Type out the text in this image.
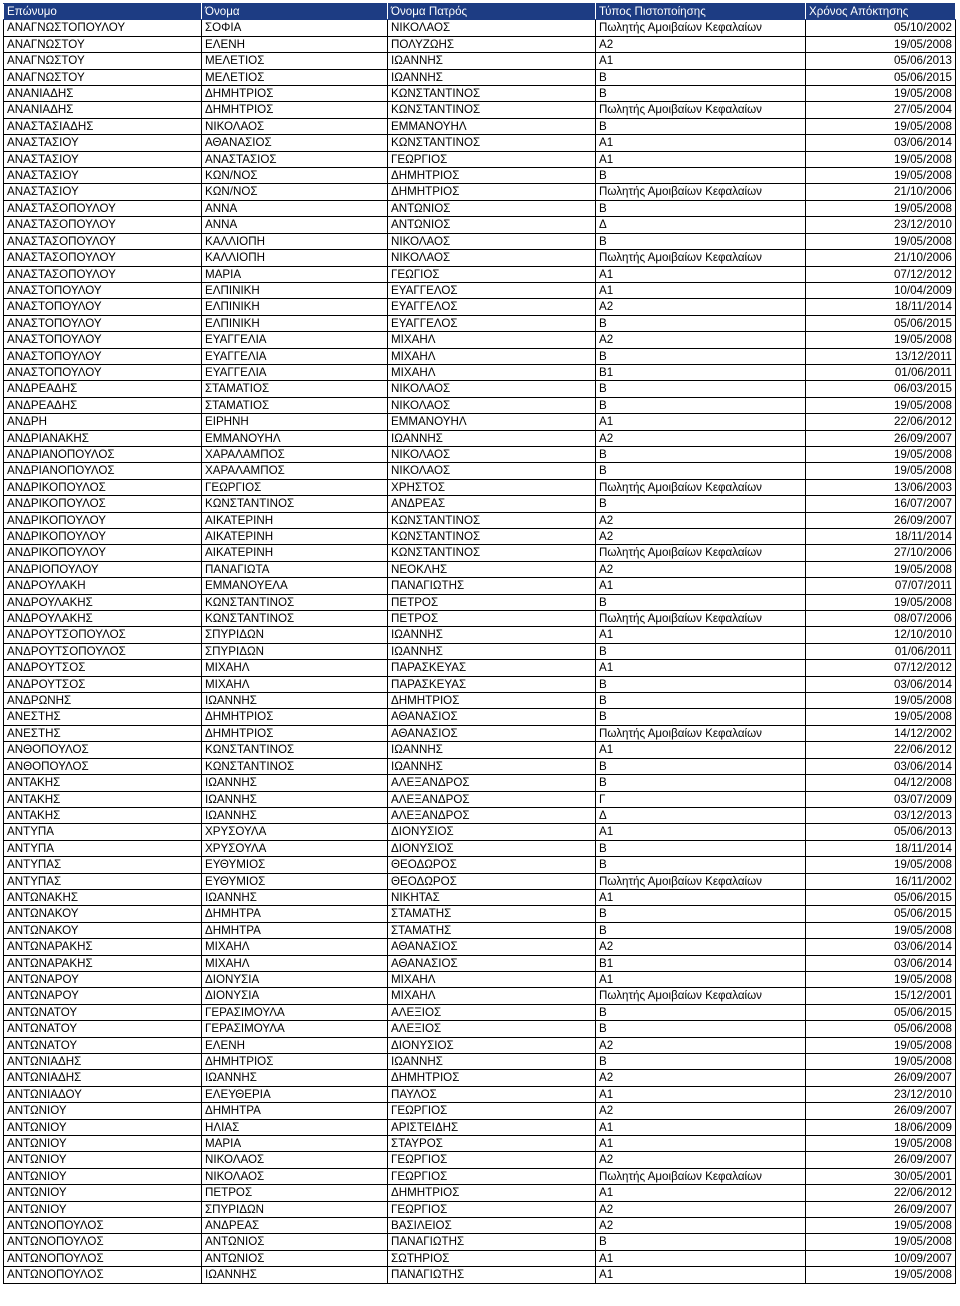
Επώνυμο	Όνομα	Όνομα Πατρός	Τύπος Πιστοποίησης	Χρόνος Απόκτησης
ΑΝΑΓΝΩΣΤΟΠΟΥΛΟΥ	ΣΟΦΙΑ	ΝΙΚΟΛΑΟΣ	Πωλητής Αμοιβαίων Κεφαλαίων	05/10/2002
ΑΝΑΓΝΩΣΤΟΥ	ΕΛΕΝΗ	ΠΟΛΥΖΩΗΣ	Α2	19/05/2008
ΑΝΑΓΝΩΣΤΟΥ	ΜΕΛΕΤΙΟΣ	ΙΩΑΝΝΗΣ	Α1	05/06/2013
ΑΝΑΓΝΩΣΤΟΥ	ΜΕΛΕΤΙΟΣ	ΙΩΑΝΝΗΣ	Β	05/06/2015
ΑΝΑΝΙΑΔΗΣ	ΔΗΜΗΤΡΙΟΣ	ΚΩΝΣΤΑΝΤΙΝΟΣ	Β	19/05/2008
ΑΝΑΝΙΑΔΗΣ	ΔΗΜΗΤΡΙΟΣ	ΚΩΝΣΤΑΝΤΙΝΟΣ	Πωλητής Αμοιβαίων Κεφαλαίων	27/05/2004
ΑΝΑΣΤΑΣΙΑΔΗΣ	ΝΙΚΟΛΑΟΣ	ΕΜΜΑΝΟΥΗΛ	Β	19/05/2008
ΑΝΑΣΤΑΣΙΟΥ	ΑΘΑΝΑΣΙΟΣ	ΚΩΝΣΤΑΝΤΙΝΟΣ	Α1	03/06/2014
ΑΝΑΣΤΑΣΙΟΥ	ΑΝΑΣΤΑΣΙΟΣ	ΓΕΩΡΓΙΟΣ	Α1	19/05/2008
ΑΝΑΣΤΑΣΙΟΥ	ΚΩΝ/ΝΟΣ	ΔΗΜΗΤΡΙΟΣ	Β	19/05/2008
ΑΝΑΣΤΑΣΙΟΥ	ΚΩΝ/ΝΟΣ	ΔΗΜΗΤΡΙΟΣ	Πωλητής Αμοιβαίων Κεφαλαίων	21/10/2006
ΑΝΑΣΤΑΣΟΠΟΥΛΟΥ	ΑΝΝΑ	ΑΝΤΩΝΙΟΣ	Β	19/05/2008
ΑΝΑΣΤΑΣΟΠΟΥΛΟΥ	ΑΝΝΑ	ΑΝΤΩΝΙΟΣ	Δ	23/12/2010
ΑΝΑΣΤΑΣΟΠΟΥΛΟΥ	ΚΑΛΛΙΟΠΗ	ΝΙΚΟΛΑΟΣ	Β	19/05/2008
ΑΝΑΣΤΑΣΟΠΟΥΛΟΥ	ΚΑΛΛΙΟΠΗ	ΝΙΚΟΛΑΟΣ	Πωλητής Αμοιβαίων Κεφαλαίων	21/10/2006
ΑΝΑΣΤΑΣΟΠΟΥΛΟΥ	ΜΑΡΙΑ	ΓΕΩΓΙΟΣ	Α1	07/12/2012
ΑΝΑΣΤΟΠΟΥΛΟΥ	ΕΛΠΙΝΙΚΗ	ΕΥΑΓΓΕΛΟΣ	Α1	10/04/2009
ΑΝΑΣΤΟΠΟΥΛΟΥ	ΕΛΠΙΝΙΚΗ	ΕΥΑΓΓΕΛΟΣ	Α2	18/11/2014
ΑΝΑΣΤΟΠΟΥΛΟΥ	ΕΛΠΙΝΙΚΗ	ΕΥΑΓΓΕΛΟΣ	Β	05/06/2015
ΑΝΑΣΤΟΠΟΥΛΟΥ	ΕΥΑΓΓΕΛΙΑ	ΜΙΧΑΗΛ	Α2	19/05/2008
ΑΝΑΣΤΟΠΟΥΛΟΥ	ΕΥΑΓΓΕΛΙΑ	ΜΙΧΑΗΛ	Β	13/12/2011
ΑΝΑΣΤΟΠΟΥΛΟΥ	ΕΥΑΓΓΕΛΙΑ	ΜΙΧΑΗΛ	Β1	01/06/2011
ΑΝΔΡΕΑΔΗΣ	ΣΤΑΜΑΤΙΟΣ	ΝΙΚΟΛΑΟΣ	Β	06/03/2015
ΑΝΔΡΕΑΔΗΣ	ΣΤΑΜΑΤΙΟΣ	ΝΙΚΟΛΑΟΣ	Β	19/05/2008
ΑΝΔΡΗ	ΕΙΡΗΝΗ	ΕΜΜΑΝΟΥΗΛ	Α1	22/06/2012
ΑΝΔΡΙΑΝΑΚΗΣ	ΕΜΜΑΝΟΥΗΛ	ΙΩΑΝΝΗΣ	Α2	26/09/2007
ΑΝΔΡΙΑΝΟΠΟΥΛΟΣ	ΧΑΡΑΛΑΜΠΟΣ	ΝΙΚΟΛΑΟΣ	Β	19/05/2008
ΑΝΔΡΙΑΝΟΠΟΥΛΟΣ	ΧΑΡΑΛΑΜΠΟΣ	ΝΙΚΟΛΑΟΣ	Β	19/05/2008
ΑΝΔΡΙΚΟΠΟΥΛΟΣ	ΓΕΩΡΓΙΟΣ	ΧΡΗΣΤΟΣ	Πωλητής Αμοιβαίων Κεφαλαίων	13/06/2003
ΑΝΔΡΙΚΟΠΟΥΛΟΣ	ΚΩΝΣΤΑΝΤΙΝΟΣ	ΑΝΔΡΕΑΣ	Β	16/07/2007
ΑΝΔΡΙΚΟΠΟΥΛΟΥ	ΑΙΚΑΤΕΡΙΝΗ	ΚΩΝΣΤΑΝΤΙΝΟΣ	Α2	26/09/2007
ΑΝΔΡΙΚΟΠΟΥΛΟΥ	ΑΙΚΑΤΕΡΙΝΗ	ΚΩΝΣΤΑΝΤΙΝΟΣ	Α2	18/11/2014
ΑΝΔΡΙΚΟΠΟΥΛΟΥ	ΑΙΚΑΤΕΡΙΝΗ	ΚΩΝΣΤΑΝΤΙΝΟΣ	Πωλητής Αμοιβαίων Κεφαλαίων	27/10/2006
ΑΝΔΡΙΟΠΟΥΛΟΥ	ΠΑΝΑΓΙΩΤΑ	ΝΕΟΚΛΗΣ	Α2	19/05/2008
ΑΝΔΡΟΥΛΑΚΗ	ΕΜΜΑΝΟΥΕΛΑ	ΠΑΝΑΓΙΩΤΗΣ	Α1	07/07/2011
ΑΝΔΡΟΥΛΑΚΗΣ	ΚΩΝΣΤΑΝΤΙΝΟΣ	ΠΕΤΡΟΣ	Β	19/05/2008
ΑΝΔΡΟΥΛΑΚΗΣ	ΚΩΝΣΤΑΝΤΙΝΟΣ	ΠΕΤΡΟΣ	Πωλητής Αμοιβαίων Κεφαλαίων	08/07/2006
ΑΝΔΡΟΥΤΣΟΠΟΥΛΟΣ	ΣΠΥΡΙΔΩΝ	ΙΩΑΝΝΗΣ	Α1	12/10/2010
ΑΝΔΡΟΥΤΣΟΠΟΥΛΟΣ	ΣΠΥΡΙΔΩΝ	ΙΩΑΝΝΗΣ	Β	01/06/2011
ΑΝΔΡΟΥΤΣΟΣ	ΜΙΧΑΗΛ	ΠΑΡΑΣΚΕΥΑΣ	Α1	07/12/2012
ΑΝΔΡΟΥΤΣΟΣ	ΜΙΧΑΗΛ	ΠΑΡΑΣΚΕΥΑΣ	Β	03/06/2014
ΑΝΔΡΩΝΗΣ	ΙΩΑΝΝΗΣ	ΔΗΜΗΤΡΙΟΣ	Β	19/05/2008
ΑΝΕΣΤΗΣ	ΔΗΜΗΤΡΙΟΣ	ΑΘΑΝΑΣΙΟΣ	Β	19/05/2008
ΑΝΕΣΤΗΣ	ΔΗΜΗΤΡΙΟΣ	ΑΘΑΝΑΣΙΟΣ	Πωλητής Αμοιβαίων Κεφαλαίων	14/12/2002
ΑΝΘΟΠΟΥΛΟΣ	ΚΩΝΣΤΑΝΤΙΝΟΣ	ΙΩΑΝΝΗΣ	Α1	22/06/2012
ΑΝΘΟΠΟΥΛΟΣ	ΚΩΝΣΤΑΝΤΙΝΟΣ	ΙΩΑΝΝΗΣ	Β	03/06/2014
ΑΝΤΑΚΗΣ	ΙΩΑΝΝΗΣ	ΑΛΕΞΑΝΔΡΟΣ	Β	04/12/2008
ΑΝΤΑΚΗΣ	ΙΩΑΝΝΗΣ	ΑΛΕΞΑΝΔΡΟΣ	Γ	03/07/2009
ΑΝΤΑΚΗΣ	ΙΩΑΝΝΗΣ	ΑΛΕΞΑΝΔΡΟΣ	Δ	03/12/2013
ΑΝΤΥΠΑ	ΧΡΥΣΟΥΛΑ	ΔΙΟΝΥΣΙΟΣ	Α1	05/06/2013
ΑΝΤΥΠΑ	ΧΡΥΣΟΥΛΑ	ΔΙΟΝΥΣΙΟΣ	Β	18/11/2014
ΑΝΤΥΠΑΣ	ΕΥΘΥΜΙΟΣ	ΘΕΟΔΩΡΟΣ	Β	19/05/2008
ΑΝΤΥΠΑΣ	ΕΥΘΥΜΙΟΣ	ΘΕΟΔΩΡΟΣ	Πωλητής Αμοιβαίων Κεφαλαίων	16/11/2002
ΑΝΤΩΝΑΚΗΣ	ΙΩΑΝΝΗΣ	ΝΙΚΗΤΑΣ	Α1	05/06/2015
ΑΝΤΩΝΑΚΟΥ	ΔΗΜΗΤΡΑ	ΣΤΑΜΑΤΗΣ	Β	05/06/2015
ΑΝΤΩΝΑΚΟΥ	ΔΗΜΗΤΡΑ	ΣΤΑΜΑΤΗΣ	Β	19/05/2008
ΑΝΤΩΝΑΡΑΚΗΣ	ΜΙΧΑΗΛ	ΑΘΑΝΑΣΙΟΣ	Α2	03/06/2014
ΑΝΤΩΝΑΡΑΚΗΣ	ΜΙΧΑΗΛ	ΑΘΑΝΑΣΙΟΣ	Β1	03/06/2014
ΑΝΤΩΝΑΡΟΥ	ΔΙΟΝΥΣΙΑ	ΜΙΧΑΗΛ	Α1	19/05/2008
ΑΝΤΩΝΑΡΟΥ	ΔΙΟΝΥΣΙΑ	ΜΙΧΑΗΛ	Πωλητής Αμοιβαίων Κεφαλαίων	15/12/2001
ΑΝΤΩΝΑΤΟΥ	ΓΕΡΑΣΙΜΟΥΛΑ	ΑΛΕΞΙΟΣ	Β	05/06/2015
ΑΝΤΩΝΑΤΟΥ	ΓΕΡΑΣΙΜΟΥΛΑ	ΑΛΕΞΙΟΣ	Β	05/06/2008
ΑΝΤΩΝΑΤΟΥ	ΕΛΕΝΗ	ΔΙΟΝΥΣΙΟΣ	Α2	19/05/2008
ΑΝΤΩΝΙΑΔΗΣ	ΔΗΜΗΤΡΙΟΣ	ΙΩΑΝΝΗΣ	Β	19/05/2008
ΑΝΤΩΝΙΑΔΗΣ	ΙΩΑΝΝΗΣ	ΔΗΜΗΤΡΙΟΣ	Α2	26/09/2007
ΑΝΤΩΝΙΑΔΟΥ	ΕΛΕΥΘΕΡΙΑ	ΠΑΥΛΟΣ	Α1	23/12/2010
ΑΝΤΩΝΙΟΥ	ΔΗΜΗΤΡΑ	ΓΕΩΡΓΙΟΣ	Α2	26/09/2007
ΑΝΤΩΝΙΟΥ	ΗΛΙΑΣ	ΑΡΙΣΤΕΙΔΗΣ	Α1	18/06/2009
ΑΝΤΩΝΙΟΥ	ΜΑΡΙΑ	ΣΤΑΥΡΟΣ	Α1	19/05/2008
ΑΝΤΩΝΙΟΥ	ΝΙΚΟΛΑΟΣ	ΓΕΩΡΓΙΟΣ	Α2	26/09/2007
ΑΝΤΩΝΙΟΥ	ΝΙΚΟΛΑΟΣ	ΓΕΩΡΓΙΟΣ	Πωλητής Αμοιβαίων Κεφαλαίων	30/05/2001
ΑΝΤΩΝΙΟΥ	ΠΕΤΡΟΣ	ΔΗΜΗΤΡΙΟΣ	Α1	22/06/2012
ΑΝΤΩΝΙΟΥ	ΣΠΥΡΙΔΩΝ	ΓΕΩΡΓΙΟΣ	Α2	26/09/2007
ΑΝΤΩΝΟΠΟΥΛΟΣ	ΑΝΔΡΕΑΣ	ΒΑΣΙΛΕΙΟΣ	Α2	19/05/2008
ΑΝΤΩΝΟΠΟΥΛΟΣ	ΑΝΤΩΝΙΟΣ	ΠΑΝΑΓΙΩΤΗΣ	Β	19/05/2008
ΑΝΤΩΝΟΠΟΥΛΟΣ	ΑΝΤΩΝΙΟΣ	ΣΩΤΗΡΙΟΣ	Α1	10/09/2007
ΑΝΤΩΝΟΠΟΥΛΟΣ	ΙΩΑΝΝΗΣ	ΠΑΝΑΓΙΩΤΗΣ	Α1	19/05/2008
